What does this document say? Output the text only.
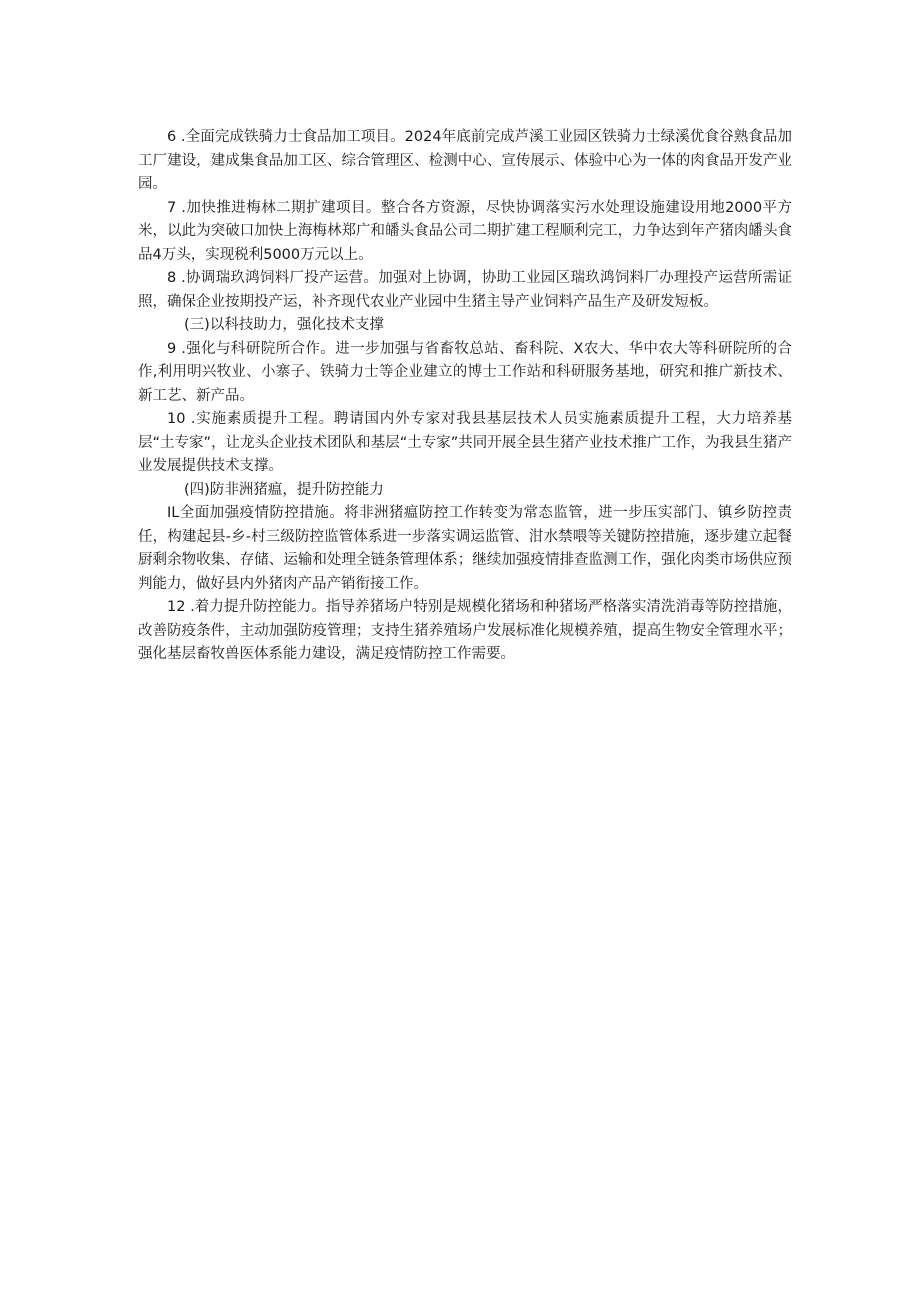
6 .全面完成铁骑力士食品加工项目。2024年底前完成芦溪工业园区铁骑力士绿溪优食谷熟食品加工厂建设，建成集食品加工区、综合管理区、检测中心、宣传展示、体验中心为一体的肉食品开发产业园。

7 .加快推进梅林二期扩建项目。整合各方资源，尽快协调落实污水处理设施建设用地2000平方米，以此为突破口加快上海梅林郑广和皤头食品公司二期扩建工程顺利完工，力争达到年产猪肉皤头食品4万头，实现税利5000万元以上。

8 .协调瑞玖鸿饲料厂投产运营。加强对上协调，协助工业园区瑞玖鸿饲料厂办理投产运营所需证照，确保企业按期投产运，补齐现代农业产业园中生猪主导产业饲料产品生产及研发短板。

(三)以科技助力，强化技术支撑

9 .强化与科研院所合作。进一步加强与省畜牧总站、畜科院、X农大、华中农大等科研院所的合作,利用明兴牧业、小寨子、铁骑力士等企业建立的博士工作站和科研服务基地，研究和推广新技术、新工艺、新产品。

10 .实施素质提升工程。聘请国内外专家对我县基层技术人员实施素质提升工程，大力培养基层“土专家”，让龙头企业技术团队和基层“土专家”共同开展全县生猪产业技术推广工作，为我县生猪产业发展提供技术支撑。

(四)防非洲猪瘟，提升防控能力

IL全面加强疫情防控措施。将非洲猪瘟防控工作转变为常态监管，进一步压实部门、镇乡防控责任，构建起县-乡-村三级防控监管体系进一步落实调运监管、泔水禁喂等关键防控措施，逐步建立起餐厨剩余物收集、存储、运输和处理全链条管理体系；继续加强疫情排查监测工作，强化肉类市场供应预判能力，做好县内外猪肉产品产销衔接工作。

12 .着力提升防控能力。指导养猪场户特别是规模化猪场和种猪场严格落实清洗消毒等防控措施，改善防疫条件，主动加强防疫管理；支持生猪养殖场户发展标准化规模养殖，提高生物安全管理水平；强化基层畜牧兽医体系能力建设，满足疫情防控工作需要。
